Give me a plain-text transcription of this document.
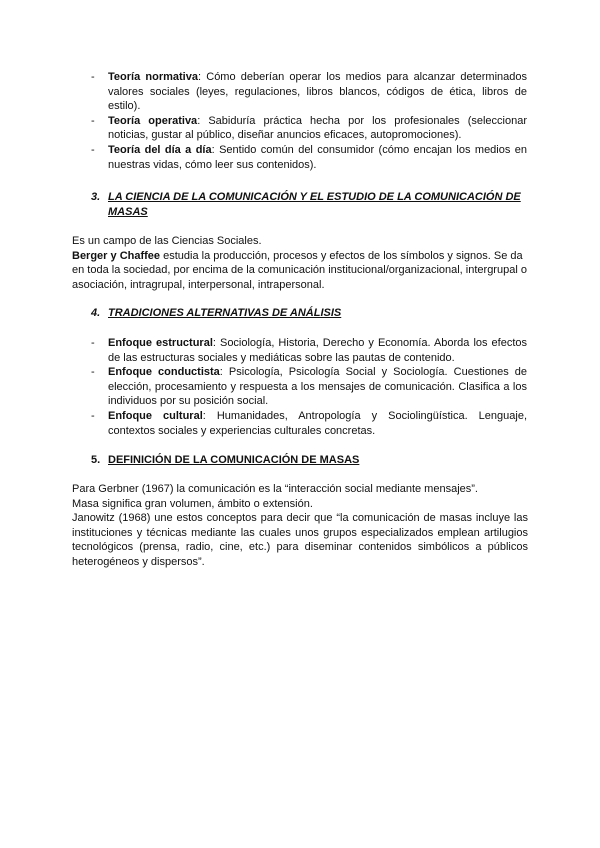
- Teoría normativa: Cómo deberían operar los medios para alcanzar determinados valores sociales (leyes, regulaciones, libros blancos, códigos de ética, libros de estilo).
- Teoría operativa: Sabiduría práctica hecha por los profesionales (seleccionar noticias, gustar al público, diseñar anuncios eficaces, autopromociones).
- Teoría del día a día: Sentido común del consumidor (cómo encajan los medios en nuestras vidas, cómo leer sus contenidos).
3. LA CIENCIA DE LA COMUNICACIÓN Y EL ESTUDIO DE LA COMUNICACIÓN DE MASAS

Es un campo de las Ciencias Sociales.

Berger y Chaffee estudia la producción, procesos y efectos de los símbolos y signos. Se da en toda la sociedad, por encima de la comunicación institucional/organizacional, intergrupal o asociación, intragrupal, interpersonal, intrapersonal.

4. TRADICIONES ALTERNATIVAS DE ANÁLISIS
- Enfoque estructural: Sociología, Historia, Derecho y Economía. Aborda los efectos de las estructuras sociales y mediáticas sobre las pautas de contenido.
- Enfoque conductista: Psicología, Psicología Social y Sociología. Cuestiones de elección, procesamiento y respuesta a los mensajes de comunicación. Clasifica a los individuos por su posición social.
- Enfoque cultural: Humanidades, Antropología y Sociolingüística. Lenguaje, contextos sociales y experiencias culturales concretas.
5. DEFINICIÓN DE LA COMUNICACIÓN DE MASAS

Para Gerbner (1967) la comunicación es la “interacción social mediante mensajes”.

Masa significa gran volumen, ámbito o extensión.

Janowitz (1968) une estos conceptos para decir que “la comunicación de masas incluye las instituciones y técnicas mediante las cuales unos grupos especializados emplean artilugios tecnológicos (prensa, radio, cine, etc.) para diseminar contenidos simbólicos a públicos heterogéneos y dispersos”.
